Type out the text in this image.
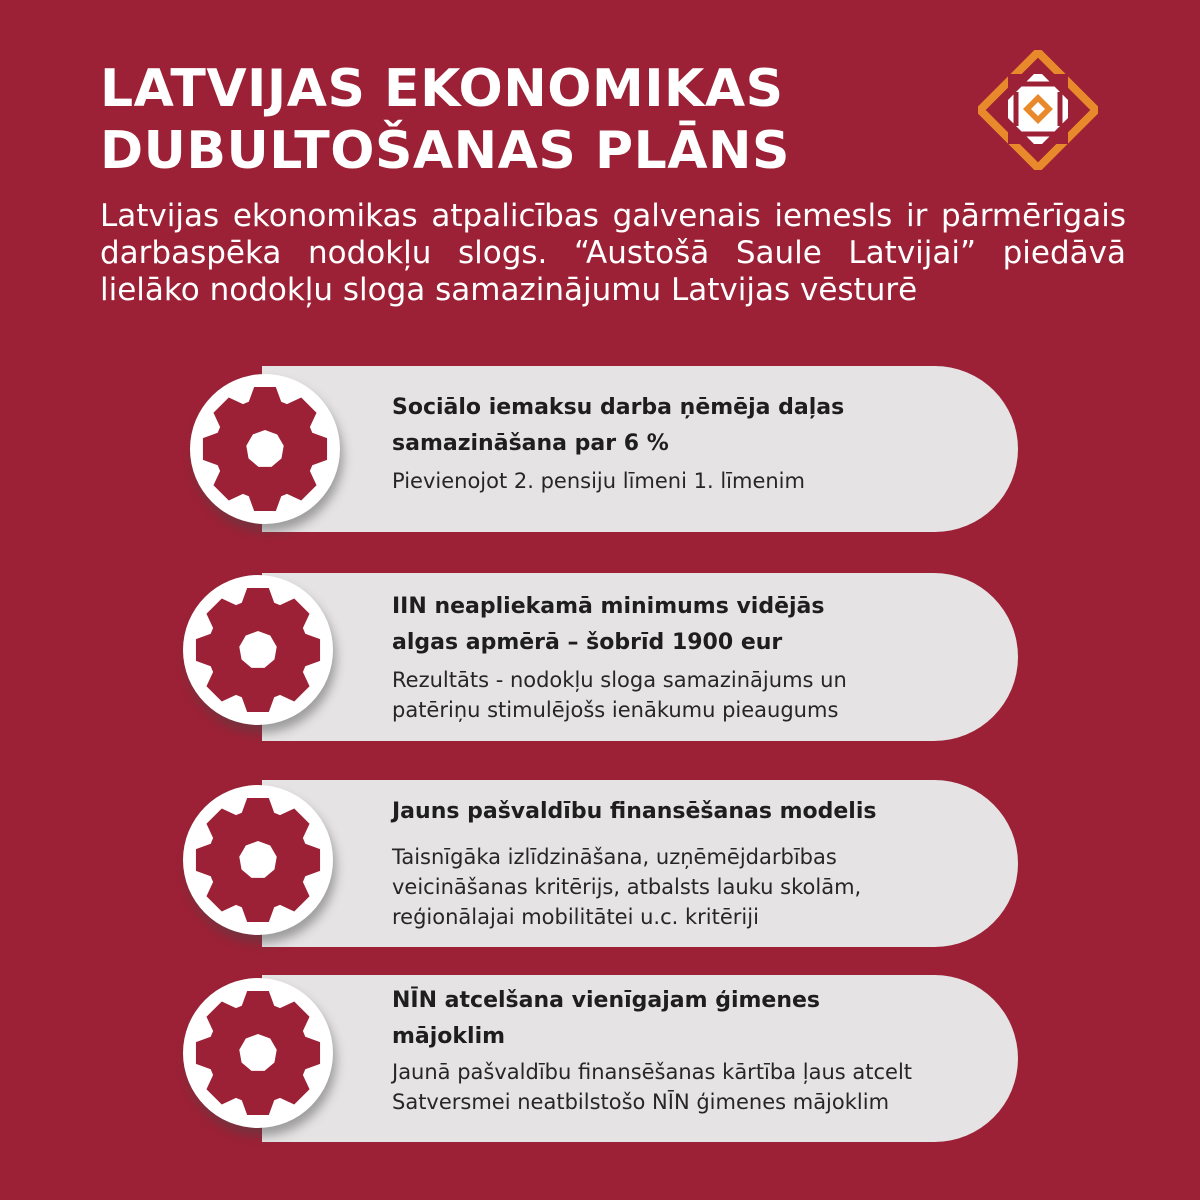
LATVIJAS EKONOMIKAS
DUBULTOŠANAS PLĀNS

Latvijas ekonomikas atpalicības galvenais iemesls ir pārmērīgais darbaspēka nodokļu slogs. “Austošā Saule Latvijai” piedāvā lielāko nodokļu sloga samazinājumu Latvijas vēsturē

Sociālo iemaksu darba ņēmēja daļas
samazināšana par 6 %

Pievienojot 2. pensiju līmeni 1. līmenim

IIN neapliekamā minimums vidējās
algas apmērā – šobrīd 1900 eur

Rezultāts - nodokļu sloga samazinājums un
patēriņu stimulējošs ienākumu pieaugums

Jauns pašvaldību finansēšanas modelis

Taisnīgāka izlīdzināšana, uzņēmējdarbības
veicināšanas kritērijs, atbalsts lauku skolām,
reģionālajai mobilitātei u.c. kritēriji

NĪN atcelšana vienīgajam ģimenes
mājoklim

Jaunā pašvaldību finansēšanas kārtība ļaus atcelt
Satversmei neatbilstošo NĪN ģimenes mājoklim
